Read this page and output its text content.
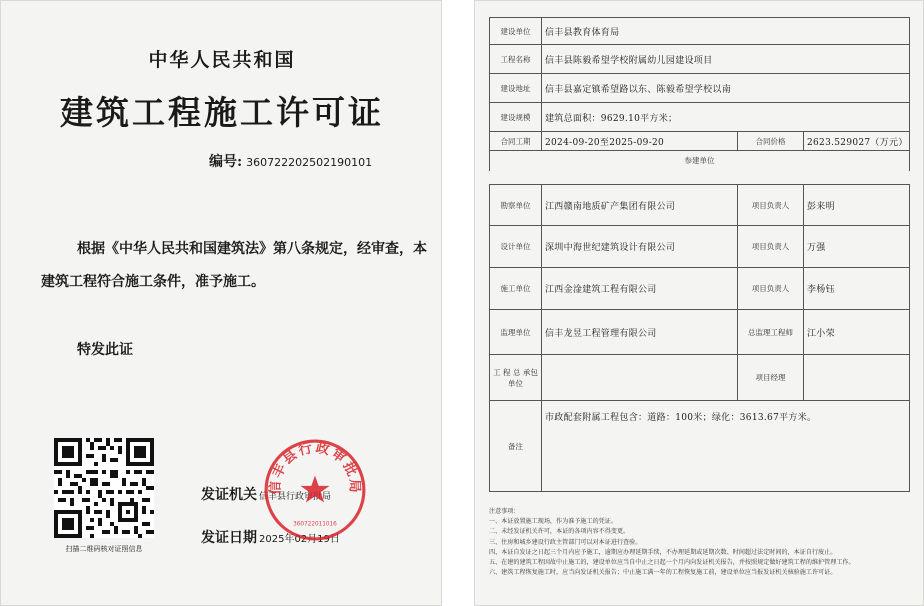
中华人民共和国
建筑工程施工许可证
编号: 360722202502190101
根据《中华人民共和国建筑法》第八条规定，经审查，本建筑工程符合施工条件，准予施工。
特发此证
扫描二维码核对证照信息
发证机关 信丰县行政审批局
发证日期 2025年02月19日
信丰县行政审批局
360722011016
建设单位	信丰县教育体育局		
工程名称	信丰县陈毅希望学校附属幼儿园建设项目		
建设地址	信丰县嘉定镇希望路以东、陈毅希望学校以南		
建设规模	建筑总面积：9629.10平方米；		
合同工期	2024-09-20至2025-09-20	合同价格	2623.529027（万元）
参建单位			

勘察单位	江西赣南地质矿产集团有限公司	项目负责人	彭来明
设计单位	深圳中海世纪建筑设计有限公司	项目负责人	万强
施工单位	江西金淦建筑工程有限公司	项目负责人	李杨钰
监理单位	信丰龙昱工程管理有限公司	总监理工程师	江小荣
工 程 总 承包单位		项目经理	
备注	市政配套附属工程包含：道路：100米；绿化：3613.67平方米。		

注意事项：

一、本证放置施工现场，作为准予施工的凭证。

二、未经发证机关许可，本证的各项内容不得变更。

三、住房和城乡建设行政主管部门可以对本证进行查验。

四、本证自发证之日起三个月内应予施工，逾期应办理延期手续，不办理延期或延期次数、时间超过法定时间的，本证自行废止。

五、在建的建筑工程因故中止施工的，建设单位应当自中止之日起一个月内向发证机关报告，并按照规定做好建筑工程的维护管理工作。

六、建筑工程恢复施工时，应当向发证机关报告；中止施工满一年的工程恢复施工前，建设单位应当报发证机关核验施工许可证。
